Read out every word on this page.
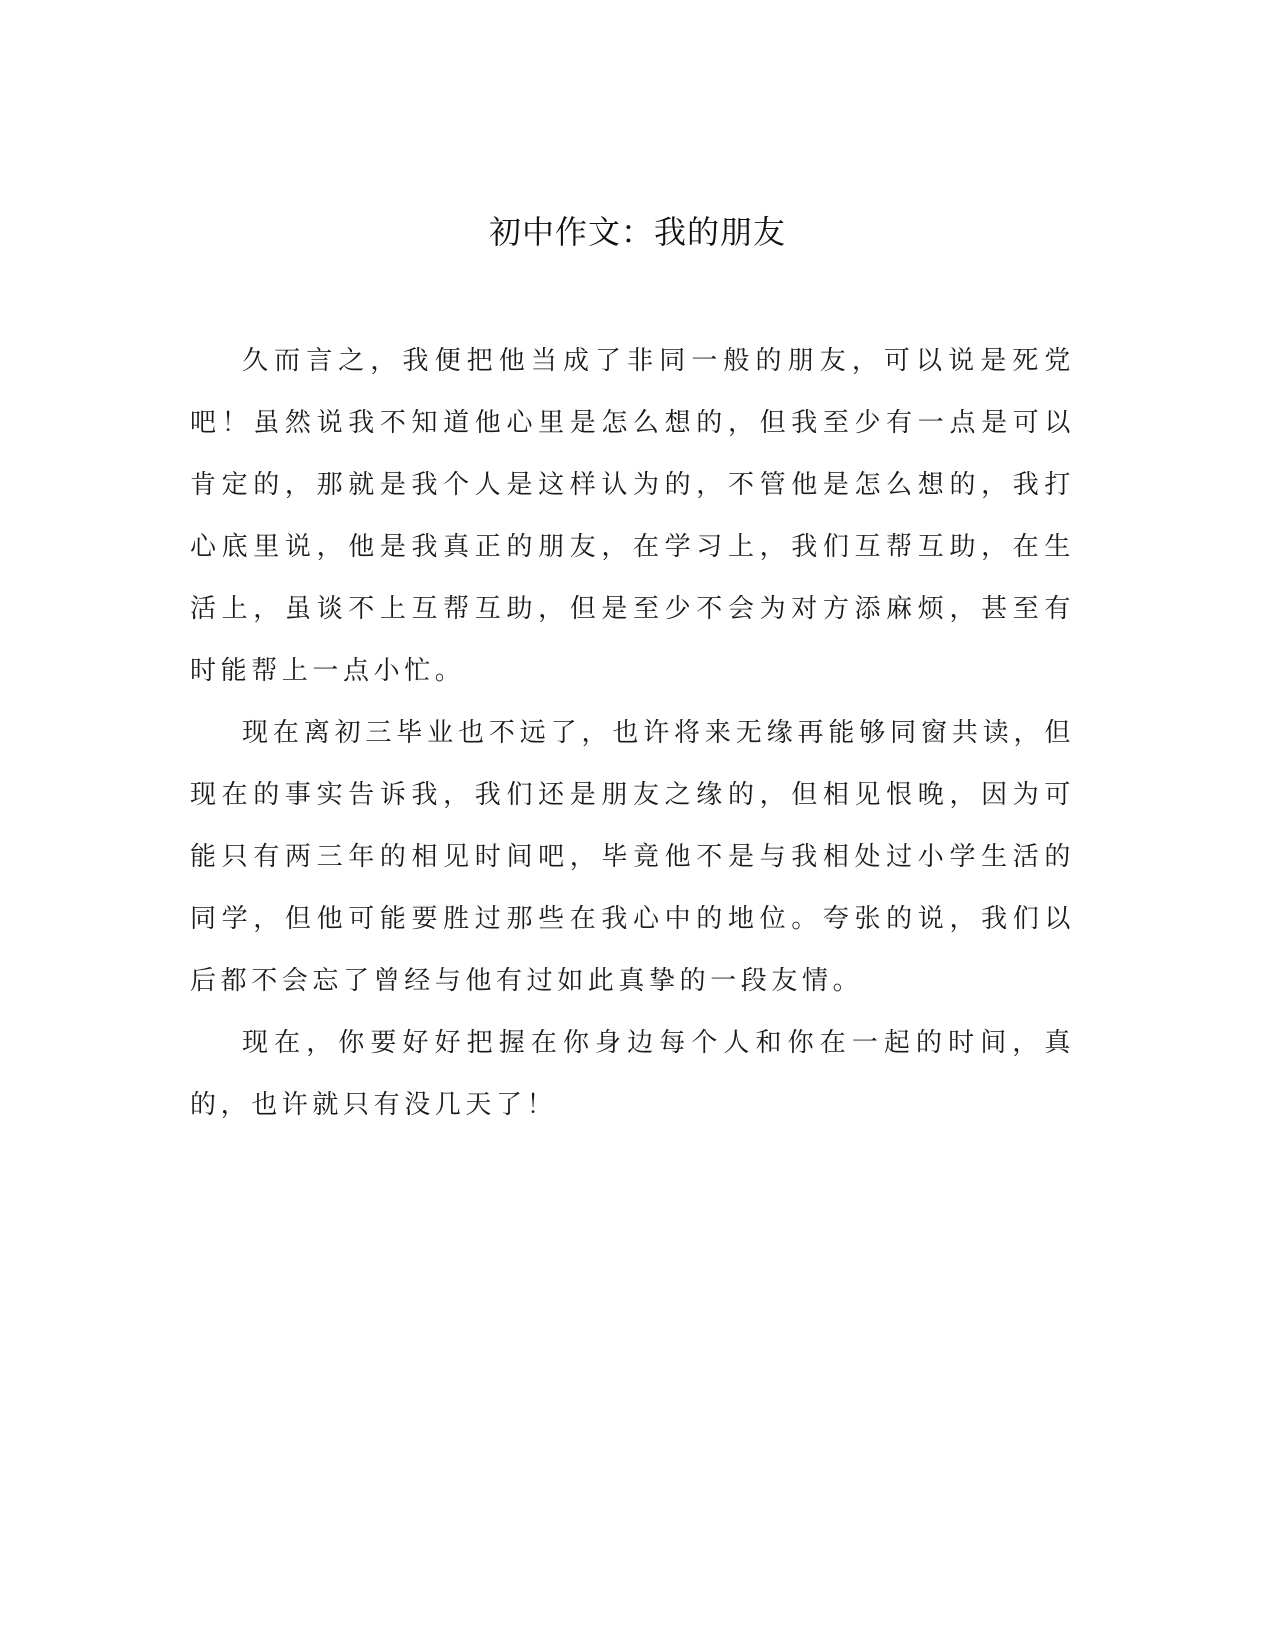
初中作文：我的朋友

久而言之，我便把他当成了非同一般的朋友，可以说是死党吧！虽然说我不知道他心里是怎么想的，但我至少有一点是可以肯定的，那就是我个人是这样认为的，不管他是怎么想的，我打心底里说，他是我真正的朋友，在学习上，我们互帮互助，在生活上，虽谈不上互帮互助，但是至少不会为对方添麻烦，甚至有时能帮上一点小忙。

现在离初三毕业也不远了，也许将来无缘再能够同窗共读，但现在的事实告诉我，我们还是朋友之缘的，但相见恨晚，因为可能只有两三年的相见时间吧，毕竟他不是与我相处过小学生活的同学，但他可能要胜过那些在我心中的地位。夸张的说，我们以后都不会忘了曾经与他有过如此真挚的一段友情。

现在，你要好好把握在你身边每个人和你在一起的时间，真的，也许就只有没几天了！
